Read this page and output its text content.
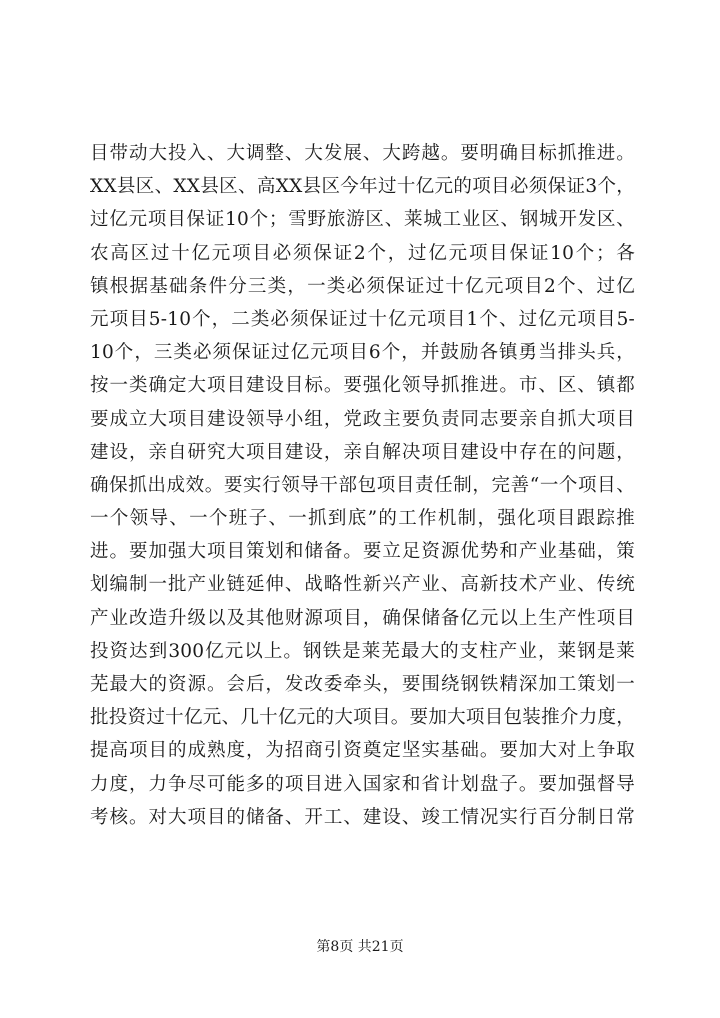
目带动大投入、大调整、大发展、大跨越。要明确目标抓推进。
XX县区、XX县区、高XX县区今年过十亿元的项目必须保证3个，
过亿元项目保证10个；雪野旅游区、莱城工业区、钢城开发区、
农高区过十亿元项目必须保证2个，过亿元项目保证10个；各
镇根据基础条件分三类，一类必须保证过十亿元项目2个、过亿
元项目5-10个，二类必须保证过十亿元项目1个、过亿元项目5-
10个，三类必须保证过亿元项目6个，并鼓励各镇勇当排头兵，
按一类确定大项目建设目标。要强化领导抓推进。市、区、镇都
要成立大项目建设领导小组，党政主要负责同志要亲自抓大项目
建设，亲自研究大项目建设，亲自解决项目建设中存在的问题，
确保抓出成效。要实行领导干部包项目责任制，完善“一个项目、
一个领导、一个班子、一抓到底”的工作机制，强化项目跟踪推
进。要加强大项目策划和储备。要立足资源优势和产业基础，策
划编制一批产业链延伸、战略性新兴产业、高新技术产业、传统
产业改造升级以及其他财源项目，确保储备亿元以上生产性项目
投资达到300亿元以上。钢铁是莱芜最大的支柱产业，莱钢是莱
芜最大的资源。会后，发改委牵头，要围绕钢铁精深加工策划一
批投资过十亿元、几十亿元的大项目。要加大项目包装推介力度，
提高项目的成熟度，为招商引资奠定坚实基础。要加大对上争取
力度，力争尽可能多的项目进入国家和省计划盘子。要加强督导
考核。对大项目的储备、开工、建设、竣工情况实行百分制日常
第8页 共21页
